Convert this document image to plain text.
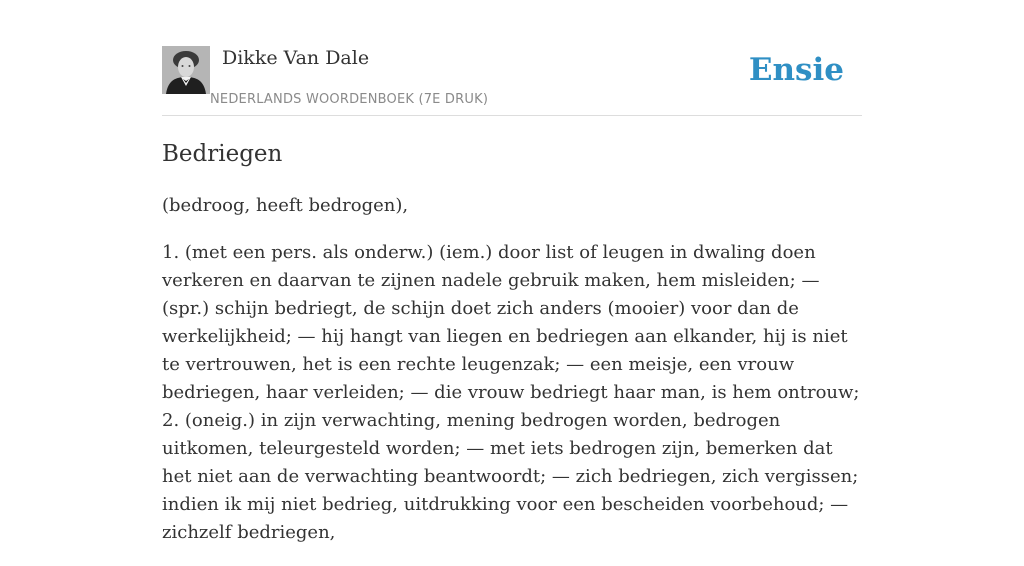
Dikke Van Dale
NEDERLANDS WOORDENBOEK (7E DRUK)
Ensie
Bedriegen

(bedroog, heeft bedrogen),

1. (met een pers. als onderw.) (iem.) door list of leugen in dwaling doen verkeren en daarvan te zijnen nadele gebruik maken, hem misleiden; — (spr.) schijn bedriegt, de schijn doet zich anders (mooier) voor dan de werkelijkheid; — hij hangt van liegen en bedriegen aan elkander, hij is niet te vertrouwen, het is een rechte leugenzak; — een meisje, een vrouw bedriegen, haar verleiden; — die vrouw bedriegt haar man, is hem ontrouw;
2. (oneig.) in zijn verwachting, mening bedrogen worden, bedrogen uitkomen, teleurgesteld worden; — met iets bedrogen zijn, bemerken dat het niet aan de verwachting beantwoordt; — zich bedriegen, zich vergissen; indien ik mij niet bedrieg, uitdrukking voor een bescheiden voorbehoud; — zichzelf bedriegen,
